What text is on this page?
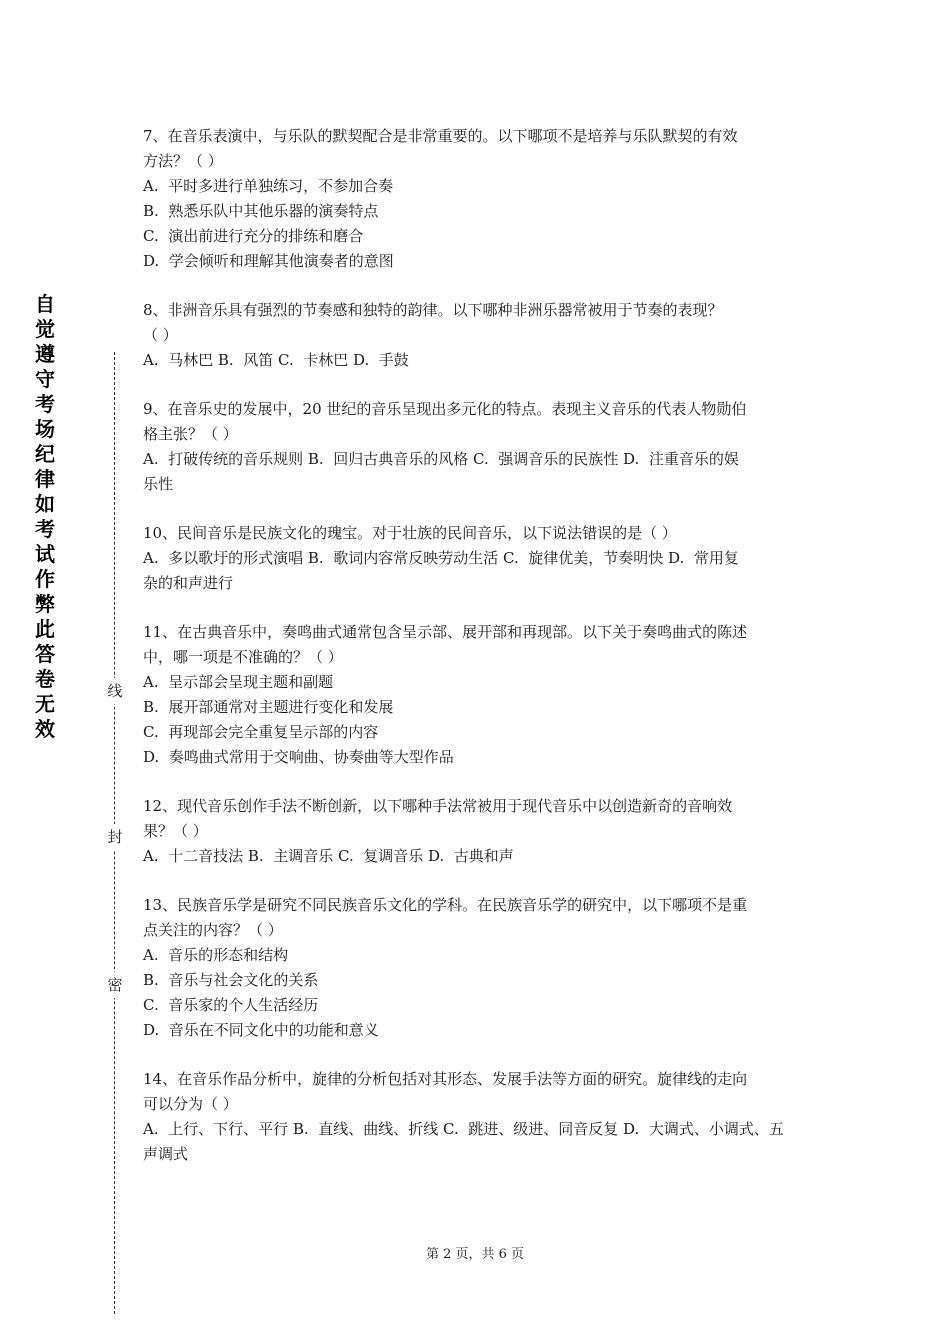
自觉遵守考场纪律如考试作弊此答卷无效
线
封
密
7、在音乐表演中，与乐队的默契配合是非常重要的。以下哪项不是培养与乐队默契的有效
方法？（ ）
A.  平时多进行单独练习，不参加合奏
B.  熟悉乐队中其他乐器的演奏特点
C.  演出前进行充分的排练和磨合
D.  学会倾听和理解其他演奏者的意图
8、非洲音乐具有强烈的节奏感和独特的韵律。以下哪种非洲乐器常被用于节奏的表现？
（ ）
A.  马林巴 B.  风笛 C.  卡林巴 D.  手鼓
9、在音乐史的发展中，20 世纪的音乐呈现出多元化的特点。表现主义音乐的代表人物勋伯
格主张？（ ）
A.  打破传统的音乐规则 B.  回归古典音乐的风格 C.  强调音乐的民族性 D.  注重音乐的娱
乐性
10、民间音乐是民族文化的瑰宝。对于壮族的民间音乐，以下说法错误的是（ ）
A.  多以歌圩的形式演唱 B.  歌词内容常反映劳动生活 C.  旋律优美，节奏明快 D.  常用复
杂的和声进行
11、在古典音乐中，奏鸣曲式通常包含呈示部、展开部和再现部。以下关于奏鸣曲式的陈述
中，哪一项是不准确的？（ ）
A.  呈示部会呈现主题和副题
B.  展开部通常对主题进行变化和发展
C.  再现部会完全重复呈示部的内容
D.  奏鸣曲式常用于交响曲、协奏曲等大型作品
12、现代音乐创作手法不断创新，以下哪种手法常被用于现代音乐中以创造新奇的音响效
果？（ ）
A.  十二音技法 B.  主调音乐 C.  复调音乐 D.  古典和声
13、民族音乐学是研究不同民族音乐文化的学科。在民族音乐学的研究中，以下哪项不是重
点关注的内容？（ ）
A.  音乐的形态和结构
B.  音乐与社会文化的关系
C.  音乐家的个人生活经历
D.  音乐在不同文化中的功能和意义
14、在音乐作品分析中，旋律的分析包括对其形态、发展手法等方面的研究。旋律线的走向
可以分为（ ）
A.  上行、下行、平行 B.  直线、曲线、折线 C.  跳进、级进、同音反复 D.  大调式、小调式、五
声调式
第 2 页，共 6 页
